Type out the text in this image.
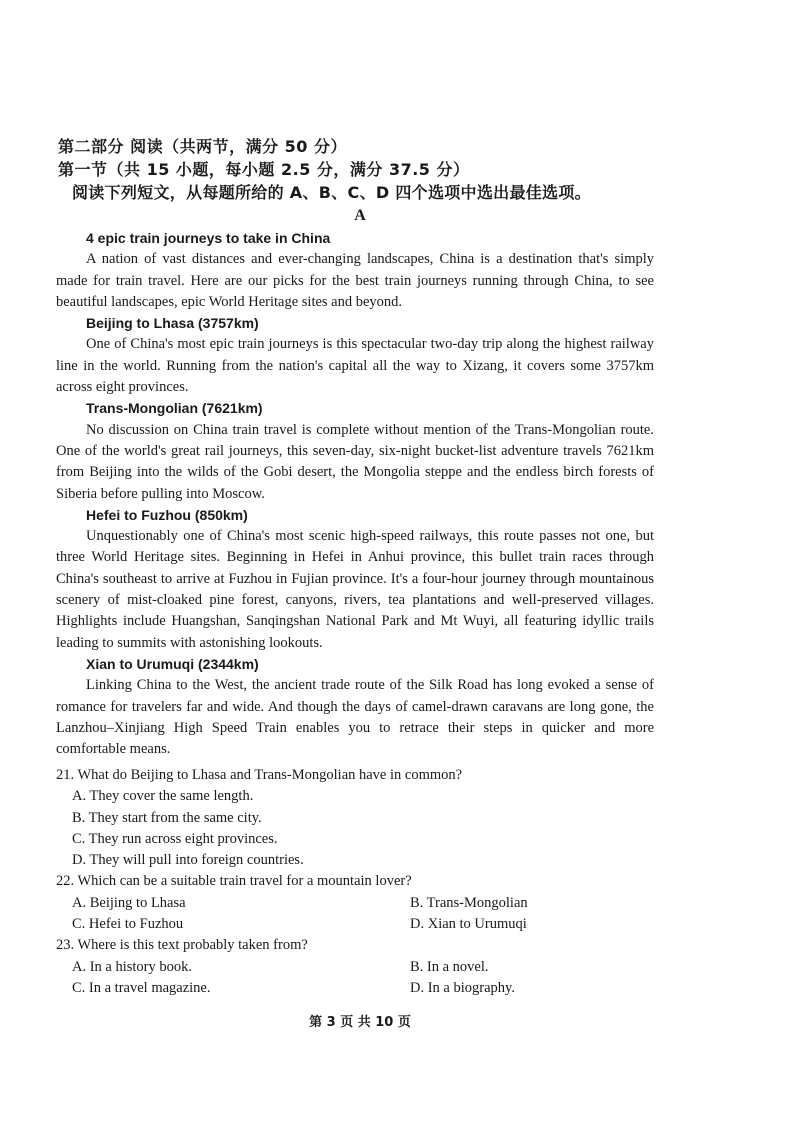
第二部分 阅读（共两节，满分 50 分）
第一节（共 15 小题，每小题 2.5 分，满分 37.5 分）
阅读下列短文，从每题所给的 A、B、C、D 四个选项中选出最佳选项。
A
4 epic train journeys to take in China

A nation of vast distances and ever-changing landscapes, China is a destination that's simply made for train travel. Here are our picks for the best train journeys running through China, to see beautiful landscapes, epic World Heritage sites and beyond.

Beijing to Lhasa (3757km)

One of China's most epic train journeys is this spectacular two-day trip along the highest railway line in the world. Running from the nation's capital all the way to Xizang, it covers some 3757km across eight provinces.

Trans-Mongolian (7621km)

No discussion on China train travel is complete without mention of the Trans-Mongolian route. One of the world's great rail journeys, this seven-day, six-night bucket-list adventure travels 7621km from Beijing into the wilds of the Gobi desert, the Mongolia steppe and the endless birch forests of Siberia before pulling into Moscow.

Hefei to Fuzhou (850km)

Unquestionably one of China's most scenic high-speed railways, this route passes not one, but three World Heritage sites. Beginning in Hefei in Anhui province, this bullet train races through China's southeast to arrive at Fuzhou in Fujian province. It's a four-hour journey through mountainous scenery of mist-cloaked pine forest, canyons, rivers, tea plantations and well-preserved villages. Highlights include Huangshan, Sanqingshan National Park and Mt Wuyi, all featuring idyllic trails leading to summits with astonishing lookouts.

Xian to Urumuqi (2344km)

Linking China to the West, the ancient trade route of the Silk Road has long evoked a sense of romance for travelers far and wide. And though the days of camel-drawn caravans are long gone, the Lanzhou–Xinjiang High Speed Train enables you to retrace their steps in quicker and more comfortable means.

21. What do Beijing to Lhasa and Trans-Mongolian have in common?
A. They cover the same length.
B. They start from the same city.
C. They run across eight provinces.
D. They will pull into foreign countries.
22. Which can be a suitable train travel for a mountain lover?
A. Beijing to Lhasa	B. Trans-Mongolian
C. Hefei to Fuzhou	D. Xian to Urumuqi
23. Where is this text probably taken from?
A. In a history book.	B. In a novel.
C. In a travel magazine.	D. In a biography.
第 3 页 共 10 页
